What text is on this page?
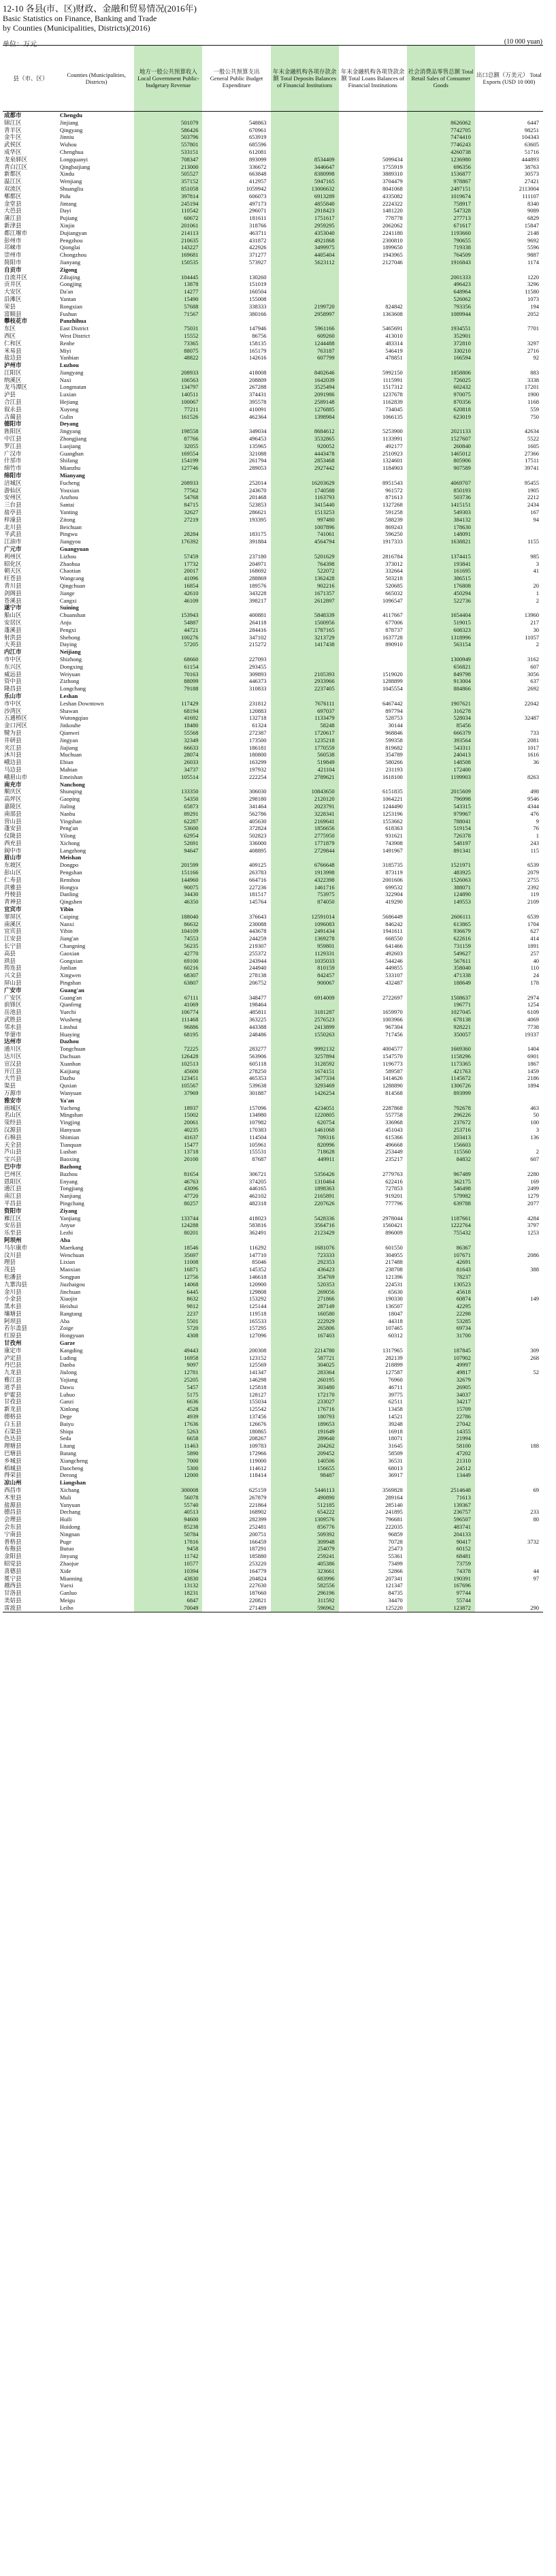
12-10 各县(市、区)财政、金融和贸易情况(2016年)
Basic Statistics on Finance, Banking and Trade
by Counties (Municipalities, Districts)(2016)
单位：万元	(10 000 yuan)
县（市、区）	Counties (Municipalities, Districts)	地方一般公共预算收入 Local Government Public-budgetary Revenue	一般公共预算支出 General Public Budget Expenditure	年末金融机构各项存款余额 Total Deposits Balances of Financial Institutions	年末金融机构各项贷款余额 Total Loans Balances of Financial Institutions	社会消费品零售总额 Total Retail Sales of Consumer Goods	出口总额（万美元） Total Exports (USD 10 000)
成都市	Chengdu						
锦江区	Jinjiang	501079	548863			8626062	6447
青羊区	Qingyang	586426	670961			7742705	98251
金牛区	Jinniu	503796	653919			7474410	104343
武侯区	Wuhou	557801	685596			7746243	63605
成华区	Chenghua	533151	612081			4260738	51716
龙泉驿区	Longquanyi	708347	893099	8534409	5099434	1236980	444893
青白江区	Qingbaijiang	213000	336672	3446647	1755919	696356	38763
新都区	Xindu	505527	663848	8380998	3889310	1536877	30573
温江区	Wenjiang	357152	412957	5947165	3704479	978867	27421
双流区	Shuangliu	851058	1059942	13006632	8041068	2497151	2113004
郫都区	Pidu	397814	606073	6913289	4335082	1019674	111107
金堂县	Jintang	245194	497173	4855840	2224322	758917	8340
大邑县	Dayi	110542	296071	2918423	1481220	547328	9089
蒲江县	Pujiang	60672	181611	1751617	778778	277713	6829
新津县	Xinjin	201061	318766	2959295	2062062	671617	15847
都江堰市	Dujiangyan	214113	463711	4353040	2241180	1193660	2148
彭州市	Pengzhou	210635	431872	4921868	2300810	790655	9692
邛崃市	Qionglai	143227	422926	3499975	1899650	719338	5596
崇州市	Chongzhou	169681	371277	4405404	1943965	764509	9887
简阳市	Jianyang	150535	573927	5623112	2127046	1916843	1174
自贡市	Zigong						
自流井区	Ziliujing	104445	130260			2001333	1220
贡井区	Gongjing	13878	151019			496423	3296
大安区	Da'an	14277	160504			648964	11580
沿滩区	Yantan	15490	155008			526062	1073
荣县	Rongxian	57688	338333	2199720	824842	793356	194
富顺县	Fushun	71567	380166	2958997	1363608	1089944	2052
攀枝花市	Panzhihua						
东区	East District	75031	147946	5961166	5465691	1934551	7701
西区	West District	15552	86756	609260	413010	352901	
仁和区	Renhe	73365	158135	1244488	483314	372810	3297
米易县	Miyi	88075	165179	763187	546419	330210	2716
盐边县	Yanbian	48822	142616	607799	478851	166594	92
泸州市	Luzhou						
江阳区	Jiangyang	208933	418008	8402646	5992150	1858806	883
纳溪区	Naxi	106563	208809	1642039	1115991	726025	3338
龙马潭区	Longmatan	134797	267288	3525494	1517312	602432	17201
泸县	Luxian	140511	374431	2091986	1237678	970075	1900
合江县	Hejiang	100067	395578	2589148	1162839	870356	1168
叙永县	Xuyong	77211	410091	1276885	734045	620818	559
古蔺县	Gulin	161526	462364	1398984	1066135	623019	750
德阳市	Deyang						
旌阳区	Jingyang	198558	349034	8684612	5253900	2021133	42634
中江县	Zhongjiang	87766	496453	3532865	1133991	1527607	5522
罗江县	Luojiang	32055	135965	920052	492177	260840	1605
广汉市	Guanghan	169554	321088	4443478	2510923	1465012	27366
什邡市	Shifang	154199	261794	2853468	1324601	805906	17511
绵竹市	Mianzhu	127746	289053	2927442	1184903	907589	39741
绵阳市	Mianyang						
涪城区	Fucheng	208933	252014	16203629	8951543	4069707	95455
游仙区	Youxian	77562	243670	1740588	961572	850193	1905
安州区	Anzhou	54768	201468	1163793	871613	503736	2212
三台县	Santai	84715	523853	3415440	1327268	1415151	2434
盐亭县	Yanting	32627	286621	1513253	591258	549303	167
梓潼县	Zitong	27219	193395	997480	588239	384132	94
北川县	Beichuan			1007896	869243	178630	
平武县	Pingwu	28284	183175	741061	596250	148091	
江油市	Jiangyou	176392	391884	4564794	1917333	1638821	1155
广元市	Guangyuan						
利州区	Lizhou	57459	237180	5201629	2816784	1374415	985
昭化区	Zhaohua	17732	204971	764398	373012	193841	3
朝天区	Chaotian	20017	168692	522072	332664	161695	41
旺苍县	Wangcang	41096	288869	1362428	503218	386515	
青川县	Qingchuan	16854	189576	902216	520685	176808	20
剑阁县	Jiange	42610	343228	1671357	665032	450294	1
苍溪县	Cangxi	46109	398217	2612897	1096547	522736	2
遂宁市	Suining						
船山区	Chuanshan	153943	400881	5848339	4117667	1654404	13960
安居区	Anju	54887	264118	1500956	677006	519015	217
蓬溪县	Pengxi	44721	284416	1787165	878737	608323	30
射洪县	Shehong	100276	347102	3213729	1637728	1318996	11057
大英县	Daying	57205	215272	1417438	890910	563154	2
内江市	Neijiang						
市中区	Shizhong	68660	227093			1300949	3162
东兴区	Dongxing	61154	293455			656821	607
威远县	Weiyuan	70163	309893	2105393	1519020	849798	3056
资中县	Zizhong	88099	446373	2933966	1288899	913004	637
隆昌县	Longchang	79188	310833	2237405	1045554	884866	2692
乐山市	Leshan						
市中区	Leshan Downtown	117429	231812	7676111	6467442	1907621	22042
沙湾区	Shawan	68194	120883	697037	897794	316278	
五通桥区	Wutongqiao	41692	132718	1133479	528753	528034	32487
金口河区	Jinkouhe	18480	61324	58248	30144	85456	
犍为县	Qianwei	55568	272387	1720617	968846	666379	733
井研县	Jingyan	32349	173500	1235218	599358	393564	2081
夹江县	Jiajiang	66633	186181	1770559	819682	543311	1017
沐川县	Muchuan	28074	180800	560538	354789	240413	1616
峨边县	Ebian	26033	163299	519849	580266	148508	36
马边县	Mabian	34737	197932	421104	231193	172400	
峨眉山市	Emeishan	105514	222254	2789621	1618100	1199903	8263
南充市	Nanchong						
顺庆区	Shunqing	133350	306030	10843650	6151835	2015609	498
高坪区	Gaoping	54350	298180	2120120	1064221	796998	9546
嘉陵区	Jialing	65873	341464	2023791	1244490	543315	4344
南部县	Nanbu	89291	562786	3228341	1253196	979967	476
营山县	Yingshan	62287	405630	2169641	1553662	788041	9
蓬安县	Peng'an	53600	372824	1856656	618363	519154	76
仪陇县	Yilong	62954	502823	2775950	931621	726378	1
西充县	Xichong	52691	336000	1771879	743908	548197	243
阆中市	Langzhong	94647	408895	2729844	1491967	891341	115
眉山市	Meishan						
东坡区	Dongpo	201599	409125	6766648	3185735	1521971	6539
彭山区	Pengshan	151166	263783	1913998	873119	483925	2079
仁寿县	Renshou	144960	664716	4322398	2001606	1526063	2755
洪雅县	Hongya	90075	227236	1461716	699532	388071	2392
丹棱县	Danling	34430	181517	753975	322904	124890	119
青神县	Qingshen	46350	145764	874050	419290	149553	2109
宜宾市	Yibin						
翠屏区	Cuiping	188040	376643	12591014	5686449	2606111	6539
南溪区	Nanxi	86632	230088	1096083	846242	613865	1704
宜宾县	Yibin	104109	443678	2491434	1941611	936679	627
江安县	Jiang'an	74553	244259	1369278	668550	622616	414
长宁县	Changning	56235	219307	959801	641466	731159	1891
高县	Gaoxian	42770	255372	1129331	492603	549627	257
珙县	Gongxian	69100	243944	1035033	544246	567611	40
筠连县	Junlian	60216	244940	810159	449855	358040	110
兴文县	Xingwen	68307	278138	842457	533107	471338	24
屏山县	Pingshan	63807	206752	900067	432487	188649	178
广安市	Guang'an						
广安区	Guang'an	67111	348477	6914009	2722697	1508637	2974
前锋区	Qianfeng	41069	198464			196771	1254
岳池县	Yuechi	106774	485811	3181287	1659970	1027045	6109
武胜县	Wusheng	111468	363225	2576523	1003966	678138	4069
邻水县	Linshui	96886	443388	2413899	967304	928221	7738
华蓥市	Huaying	68195	248486	1550263	717456	350057	19337
达州市	Dazhou						
通川区	Tongchuan	72225	283277	9992132	4004577	1669360	1404
达川区	Dachuan	126428	563906	3257894	1547570	1158296	6901
宣汉县	Xuanhan	102513	605118	3128592	1196773	1173365	1867
开江县	Kaijiang	45600	278250	1674151	589587	421763	1459
大竹县	Dazhu	123451	465353	3477334	1414626	1145672	2186
渠县	Quxian	105567	539638	3293469	1288890	1306726	1894
万源市	Wanyuan	37969	301887	1426254	814568	893999	
雅安市	Ya'an						
雨城区	Yucheng	18937	157096	4234051	2287868	792678	463
名山区	Mingshan	15002	134980	1220805	557758	296226	50
荥经县	Yingjing	20061	107982	620754	336968	237672	100
汉源县	Hanyuan	40235	170383	1461068	451043	253716	3
石棉县	Shimian	41637	114504	709316	615366	203413	136
天全县	Tianquan	15477	105961	820996	496668	156603	
芦山县	Lushan	13718	155531	718628	253449	115560	2
宝兴县	Baoxing	20100	87687	449911	235217	84832	607
巴中市	Bazhong						
巴州区	Bazhou	81654	306721	5356426	2779763	967489	2280
恩阳区	Enyang	46763	374205	1310464	622416	362175	169
通江县	Tongjiang	43096	446165	1898363	727853	546498	2499
南江县	Nanjiang	47720	462102	2165891	919201	579982	1279
平昌县	Pingchang	80257	482318	2207626	777796	639788	2077
资阳市	Ziyang						
雁江区	Yanjiang	133744	418023	5428336	2978044	1187661	4284
安岳县	Anyue	124288	583816	3564716	1560421	1222764	3797
乐至县	Lezhi	80201	362491	2123429	896009	755432	1253
阿坝州	Aba						
马尔康市	Maerkang	18546	116292	1681076	601550	86367	
汶川县	Wenchuan	35697	147710	723333	304955	107671	2086
理县	Lixian	11008	85046	292353	217488	42691	
茂县	Maoxian	16871	145352	436423	238708	81643	388
松潘县	Songpan	12756	146618	354769	121396	78237	
九寨沟县	Jiuzhaigou	14068	120900	520353	224531	130523	
金川县	Jinchuan	6445	129808	269056	65630	45618	
小金县	Xiaojin	8632	153292	271866	190330	60874	149
黑水县	Heishui	9812	125144	287149	136507	42295	
壤塘县	Rangtang	2237	119518	160580	18047	22298	
阿坝县	Aba	5501	165533	222929	44318	53285	
若尔盖县	Zoige	5720	157295	265806	107465	69734	
红原县	Hongyuan	4308	127096	167403	60312	31700	
甘孜州	Garze						
康定市	Kangding	49443	200308	2214780	1317965	187845	309
泸定县	Luding	16958	123152	587721	282139	107902	268
丹巴县	Danba	9097	125569	304025	218899	49997	
九龙县	Jiulong	12781	141347	283364	127587	49817	52
雅江县	Yajiang	25205	146298	260195	76960	32679	
道孚县	Dawu	5457	125818	303480	46711	26905	
炉霍县	Luhuo	5175	128127	172170	39775	34037	
甘孜县	Ganzi	6636	155034	233027	62511	34217	
新龙县	Xinlong	4528	125542	176716	13458	15709	
德格县	Dege	4939	137456	180793	14521	22786	
白玉县	Baiyu	17636	126676	189653	39248	27042	
石渠县	Shiqu	5263	180865	191649	16918	14355	
色达县	Seda	6658	208267	289640	18071	21994	
理塘县	Litang	11463	109783	204262	31645	58100	188
巴塘县	Batang	5890	172966	209452	58509	47202	
乡城县	Xiangcheng	7000	119000	140506	36531	21310	
稻城县	Daocheng	5300	114612	156655	68013	24512	
得荣县	Derong	12000	118414	98487	36917	13449	
凉山州	Liangshan						
西昌市	Xichang	300008	625159	5446113	3569828	2514648	69
木里县	Muli	56078	267879	490890	289164	71613	
盐源县	Yanyuan	55740	221864	512185	285140	139367	
德昌县	Dechang	40513	168902	654222	241895	236757	233
会理县	Huili	94600	282399	1309576	796681	596507	80
会东县	Huidong	85238	252481	856776	222035	483741	
宁南县	Ningnan	50784	200751	509392	96859	204133	
普格县	Puge	17816	166459	309948	70728	90417	3732
布拖县	Butuo	9458	187291	254079	25473	60152	
金阳县	Jinyang	11742	185880	259241	55361	68481	
昭觉县	Zhaojue	10577	253220	405386	73499	73759	
喜德县	Xide	10394	164779	323661	52866	74378	44
冕宁县	Mianning	43830	204824	683996	207341	190391	97
越西县	Yuexi	13132	227630	582556	121347	167696	
甘洛县	Ganluo	18231	187660	296196	84735	97744	
美姑县	Meigu	6847	220821	311592	34470	55744	
雷波县	Leibo	70049	271489	596962	125220	123872	290
